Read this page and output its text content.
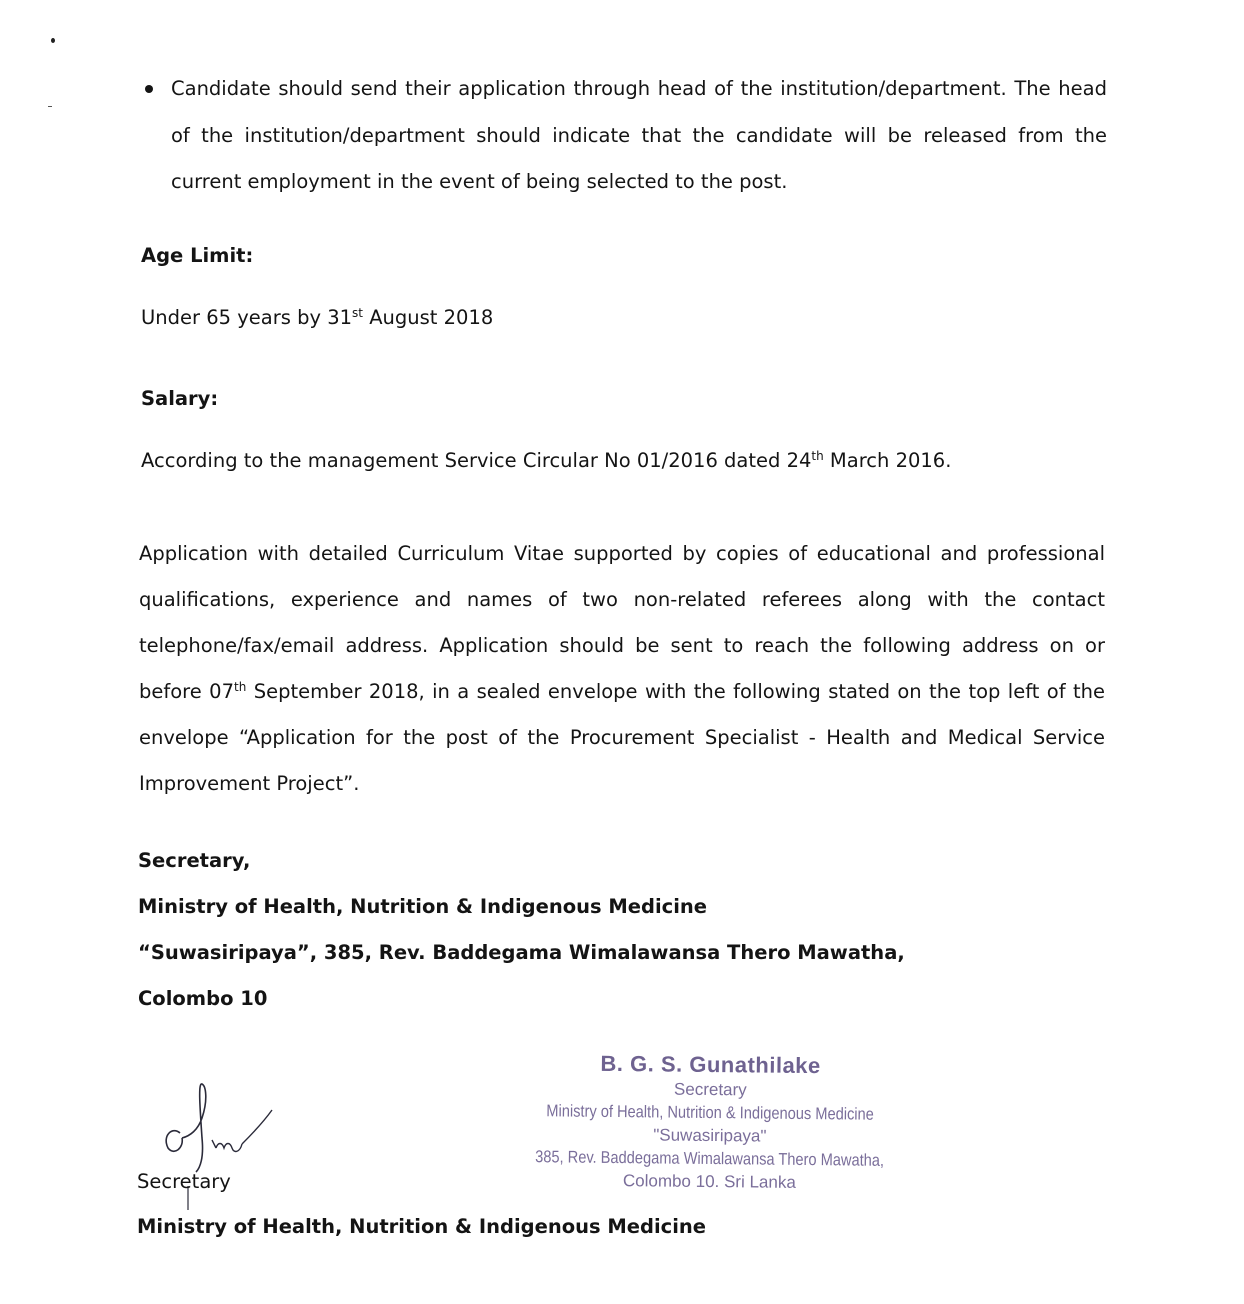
Candidate should send their application through head of the institution/department. The head of the institution/department should indicate that the candidate will be released from the current employment in the event of being selected to the post.
Age Limit:
Under 65 years by 31st August 2018
Salary:
According to the management Service Circular No 01/2016 dated 24th March 2016.
Application with detailed Curriculum Vitae supported by copies of educational and professional qualifications, experience and names of two non-related referees along with the contact telephone/fax/email address. Application should be sent to reach the following address on or before 07th September 2018, in a sealed envelope with the following stated on the top left of the envelope “Application for the post of the Procurement Specialist - Health and Medical Service Improvement Project”.
Secretary,
Ministry of Health, Nutrition & Indigenous Medicine
“Suwasiripaya”, 385, Rev. Baddegama Wimalawansa Thero Mawatha,
Colombo 10
B. G. S. Gunathilake
Secretary
Ministry of Health, Nutrition & Indigenous Medicine
"Suwasiripaya"
385, Rev. Baddegama Wimalawansa Thero Mawatha,
Colombo 10. Sri Lanka
Secretary
Ministry of Health, Nutrition & Indigenous Medicine
